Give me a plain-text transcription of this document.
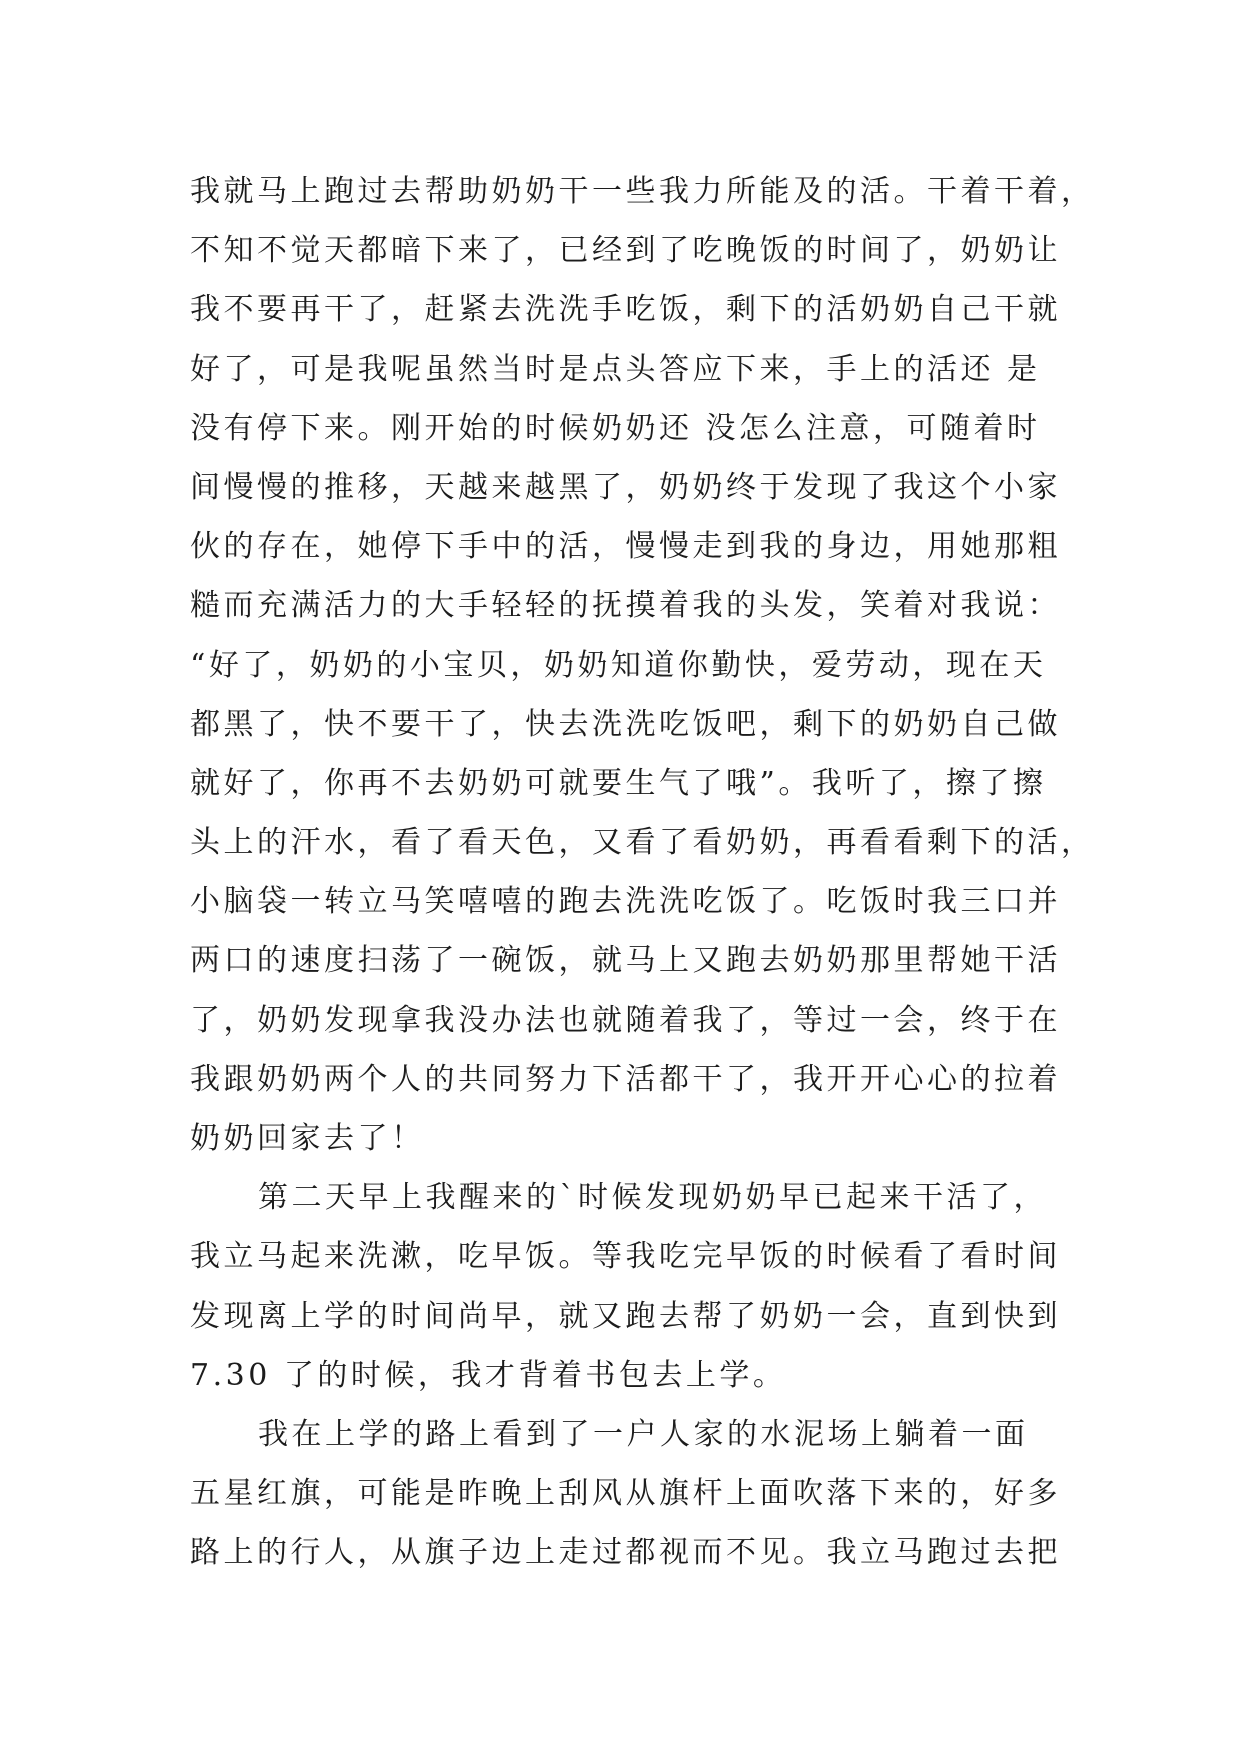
我就马上跑过去帮助奶奶干一些我力所能及的活。干着干着，
不知不觉天都暗下来了，已经到了吃晚饭的时间了，奶奶让
我不要再干了，赶紧去洗洗手吃饭，剩下的活奶奶自己干就
好了，可是我呢虽然当时是点头答应下来，手上的活还 是
没有停下来。刚开始的时候奶奶还 没怎么注意，可随着时
间慢慢的推移，天越来越黑了，奶奶终于发现了我这个小家
伙的存在，她停下手中的活，慢慢走到我的身边，用她那粗
糙而充满活力的大手轻轻的抚摸着我的头发，笑着对我说：
“好了，奶奶的小宝贝，奶奶知道你勤快，爱劳动，现在天
都黑了，快不要干了，快去洗洗吃饭吧，剩下的奶奶自己做
就好了，你再不去奶奶可就要生气了哦”。我听了，擦了擦
头上的汗水，看了看天色，又看了看奶奶，再看看剩下的活，
小脑袋一转立马笑嘻嘻的跑去洗洗吃饭了。吃饭时我三口并
两口的速度扫荡了一碗饭，就马上又跑去奶奶那里帮她干活
了，奶奶发现拿我没办法也就随着我了，等过一会，终于在
我跟奶奶两个人的共同努力下活都干了，我开开心心的拉着
奶奶回家去了！
第二天早上我醒来的`时候发现奶奶早已起来干活了，
我立马起来洗漱，吃早饭。等我吃完早饭的时候看了看时间
发现离上学的时间尚早，就又跑去帮了奶奶一会，直到快到
7.30 了的时候，我才背着书包去上学。
我在上学的路上看到了一户人家的水泥场上躺着一面
五星红旗，可能是昨晚上刮风从旗杆上面吹落下来的，好多
路上的行人，从旗子边上走过都视而不见。我立马跑过去把
